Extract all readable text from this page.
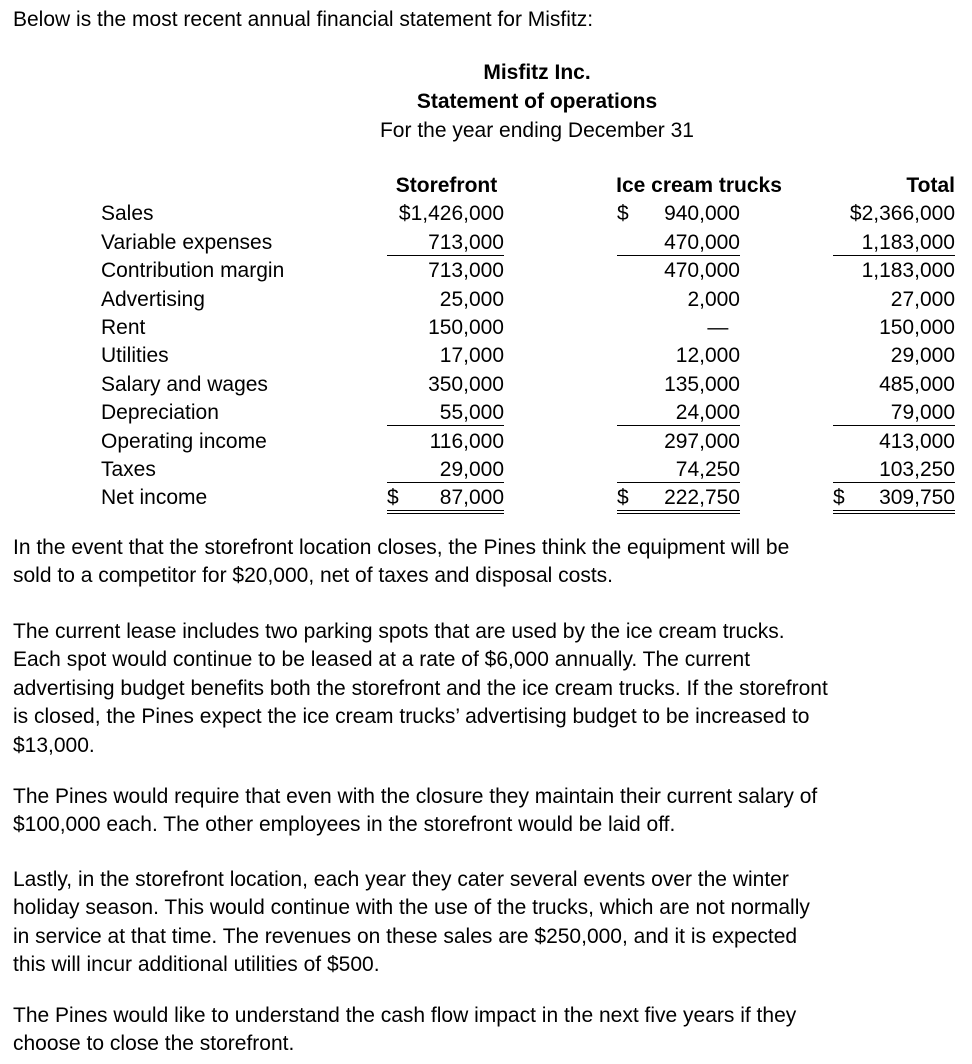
Below is the most recent annual financial statement for Misfitz:
Misfitz Inc.
Statement of operations
For the year ending December 31
Storefront	Ice cream trucks	Total
Sales	$1,426,000	$ 940,000	$2,366,000
Variable expenses	713,000	470,000	1,183,000
Contribution margin	713,000	470,000	1,183,000
Advertising	25,000	2,000	27,000
Rent	150,000	—	150,000
Utilities	17,000	12,000	29,000
Salary and wages	350,000	135,000	485,000
Depreciation	55,000	24,000	79,000
Operating income	116,000	297,000	413,000
Taxes	29,000	74,250	103,250
Net income	$ 87,000	$ 222,750	$ 309,750
In the event that the storefront location closes, the Pines think the equipment will be
sold to a competitor for $20,000, net of taxes and disposal costs.
The current lease includes two parking spots that are used by the ice cream trucks.
Each spot would continue to be leased at a rate of $6,000 annually. The current
advertising budget benefits both the storefront and the ice cream trucks. If the storefront
is closed, the Pines expect the ice cream trucks’ advertising budget to be increased to
$13,000.
The Pines would require that even with the closure they maintain their current salary of
$100,000 each. The other employees in the storefront would be laid off.
Lastly, in the storefront location, each year they cater several events over the winter
holiday season. This would continue with the use of the trucks, which are not normally
in service at that time. The revenues on these sales are $250,000, and it is expected
this will incur additional utilities of $500.
The Pines would like to understand the cash flow impact in the next five years if they
choose to close the storefront.
